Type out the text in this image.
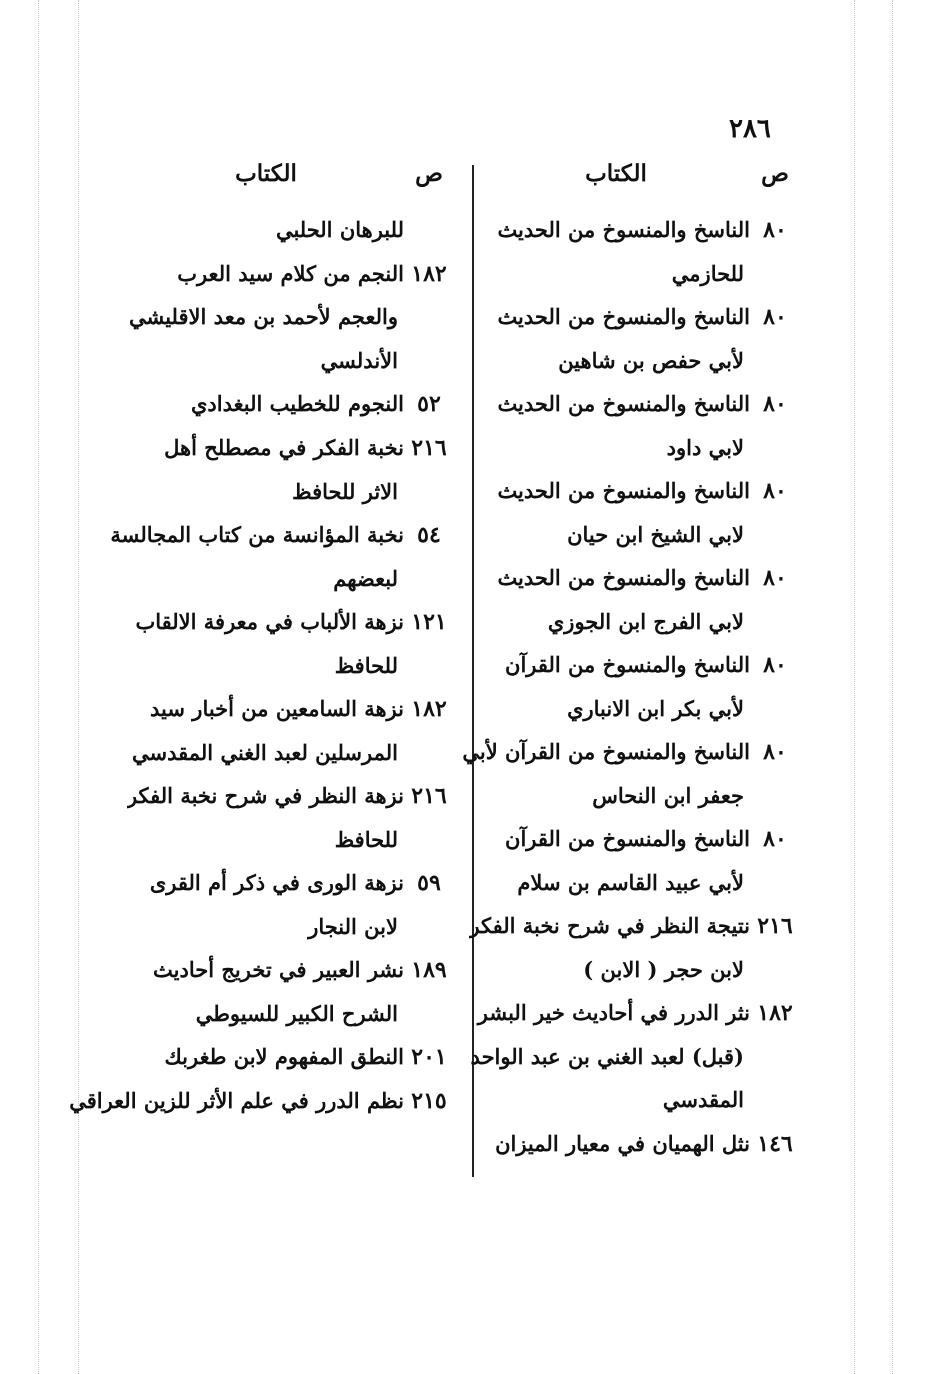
٢٨٦
ص
الكتاب
٨٠
الناسخ والمنسوخ من الحديث
للحازمي
٨٠
الناسخ والمنسوخ من الحديث
لأبي حفص بن شاهين
٨٠
الناسخ والمنسوخ من الحديث
لابي داود
٨٠
الناسخ والمنسوخ من الحديث
لابي الشيخ ابن حيان
٨٠
الناسخ والمنسوخ من الحديث
لابي الفرج ابن الجوزي
٨٠
الناسخ والمنسوخ من القرآن
لأبي بكر ابن الانباري
٨٠
الناسخ والمنسوخ من القرآن لأبي
جعفر ابن النحاس
٨٠
الناسخ والمنسوخ من القرآن
لأبي عبيد القاسم بن سلام
٢١٦
نتيجة النظر في شرح نخبة الفكر
لابن حجر ( الابن )
١٨٢
نثر الدرر في أحاديث خير البشر
(قبل) لعبد الغني بن عبد الواحد
المقدسي
١٤٦
نثل الهميان في معيار الميزان
ص
الكتاب
للبرهان الحلبي
١٨٢
النجم من كلام سيد العرب
والعجم لأحمد بن معد الاقليشي
الأندلسي
٥٢
النجوم للخطيب البغدادي
٢١٦
نخبة الفكر في مصطلح أهل
الاثر للحافظ
٥٤
نخبة المؤانسة من كتاب المجالسة
لبعضهم
١٢١
نزهة الألباب في معرفة الالقاب
للحافظ
١٨٢
نزهة السامعين من أخبار سيد
المرسلين لعبد الغني المقدسي
٢١٦
نزهة النظر في شرح نخبة الفكر
للحافظ
٥٩
نزهة الورى في ذكر أم القرى
لابن النجار
١٨٩
نشر العبير في تخريج أحاديث
الشرح الكبير للسيوطي
٢٠١
النطق المفهوم لابن طغربك
٢١٥
نظم الدرر في علم الأثر للزين العراقي
